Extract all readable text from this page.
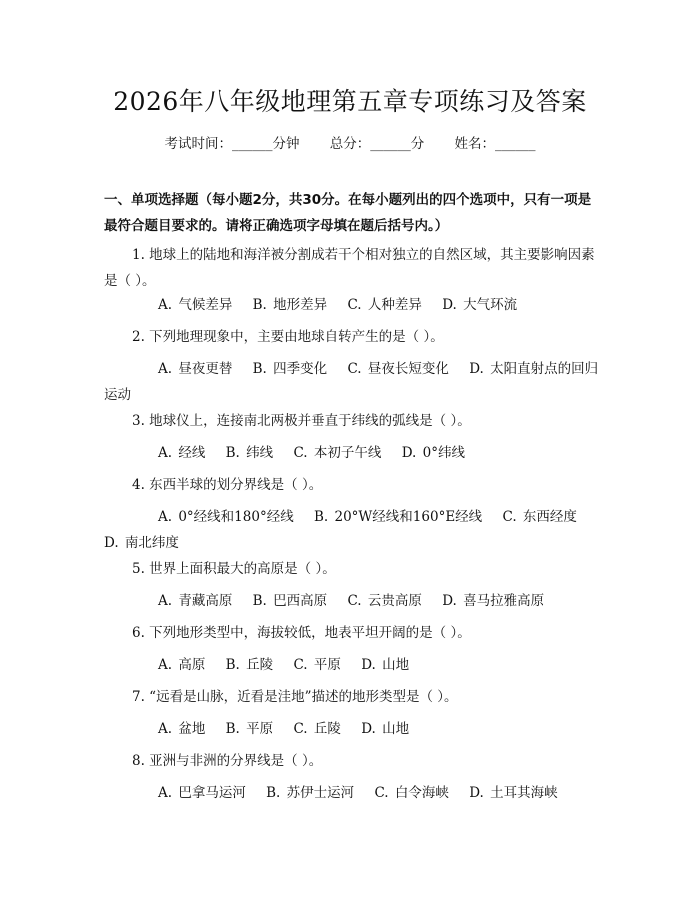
2026年八年级地理第五章专项练习及答案
考试时间：______分钟 总分：______分 姓名：______
一、单项选择题（每小题2分，共30分。在每小题列出的四个选项中，只有一项是最符合题目要求的。请将正确选项字母填在题后括号内。）
1. 地球上的陆地和海洋被分割成若干个相对独立的自然区域，其主要影响因素是（ ）。
A. 气候差异 B. 地形差异 C. 人种差异 D. 大气环流
2. 下列地理现象中，主要由地球自转产生的是（ ）。
A. 昼夜更替 B. 四季变化 C. 昼夜长短变化 D. 太阳直射点的回归运动
3. 地球仪上，连接南北两极并垂直于纬线的弧线是（ ）。
A. 经线 B. 纬线 C. 本初子午线 D. 0°纬线
4. 东西半球的划分界线是（ ）。
A. 0°经线和180°经线 B. 20°W经线和160°E经线 C. 东西经度 D. 南北纬度
5. 世界上面积最大的高原是（ ）。
A. 青藏高原 B. 巴西高原 C. 云贵高原 D. 喜马拉雅高原
6. 下列地形类型中，海拔较低，地表平坦开阔的是（ ）。
A. 高原 B. 丘陵 C. 平原 D. 山地
7. “远看是山脉，近看是洼地”描述的地形类型是（ ）。
A. 盆地 B. 平原 C. 丘陵 D. 山地
8. 亚洲与非洲的分界线是（ ）。
A. 巴拿马运河 B. 苏伊士运河 C. 白令海峡 D. 土耳其海峡
